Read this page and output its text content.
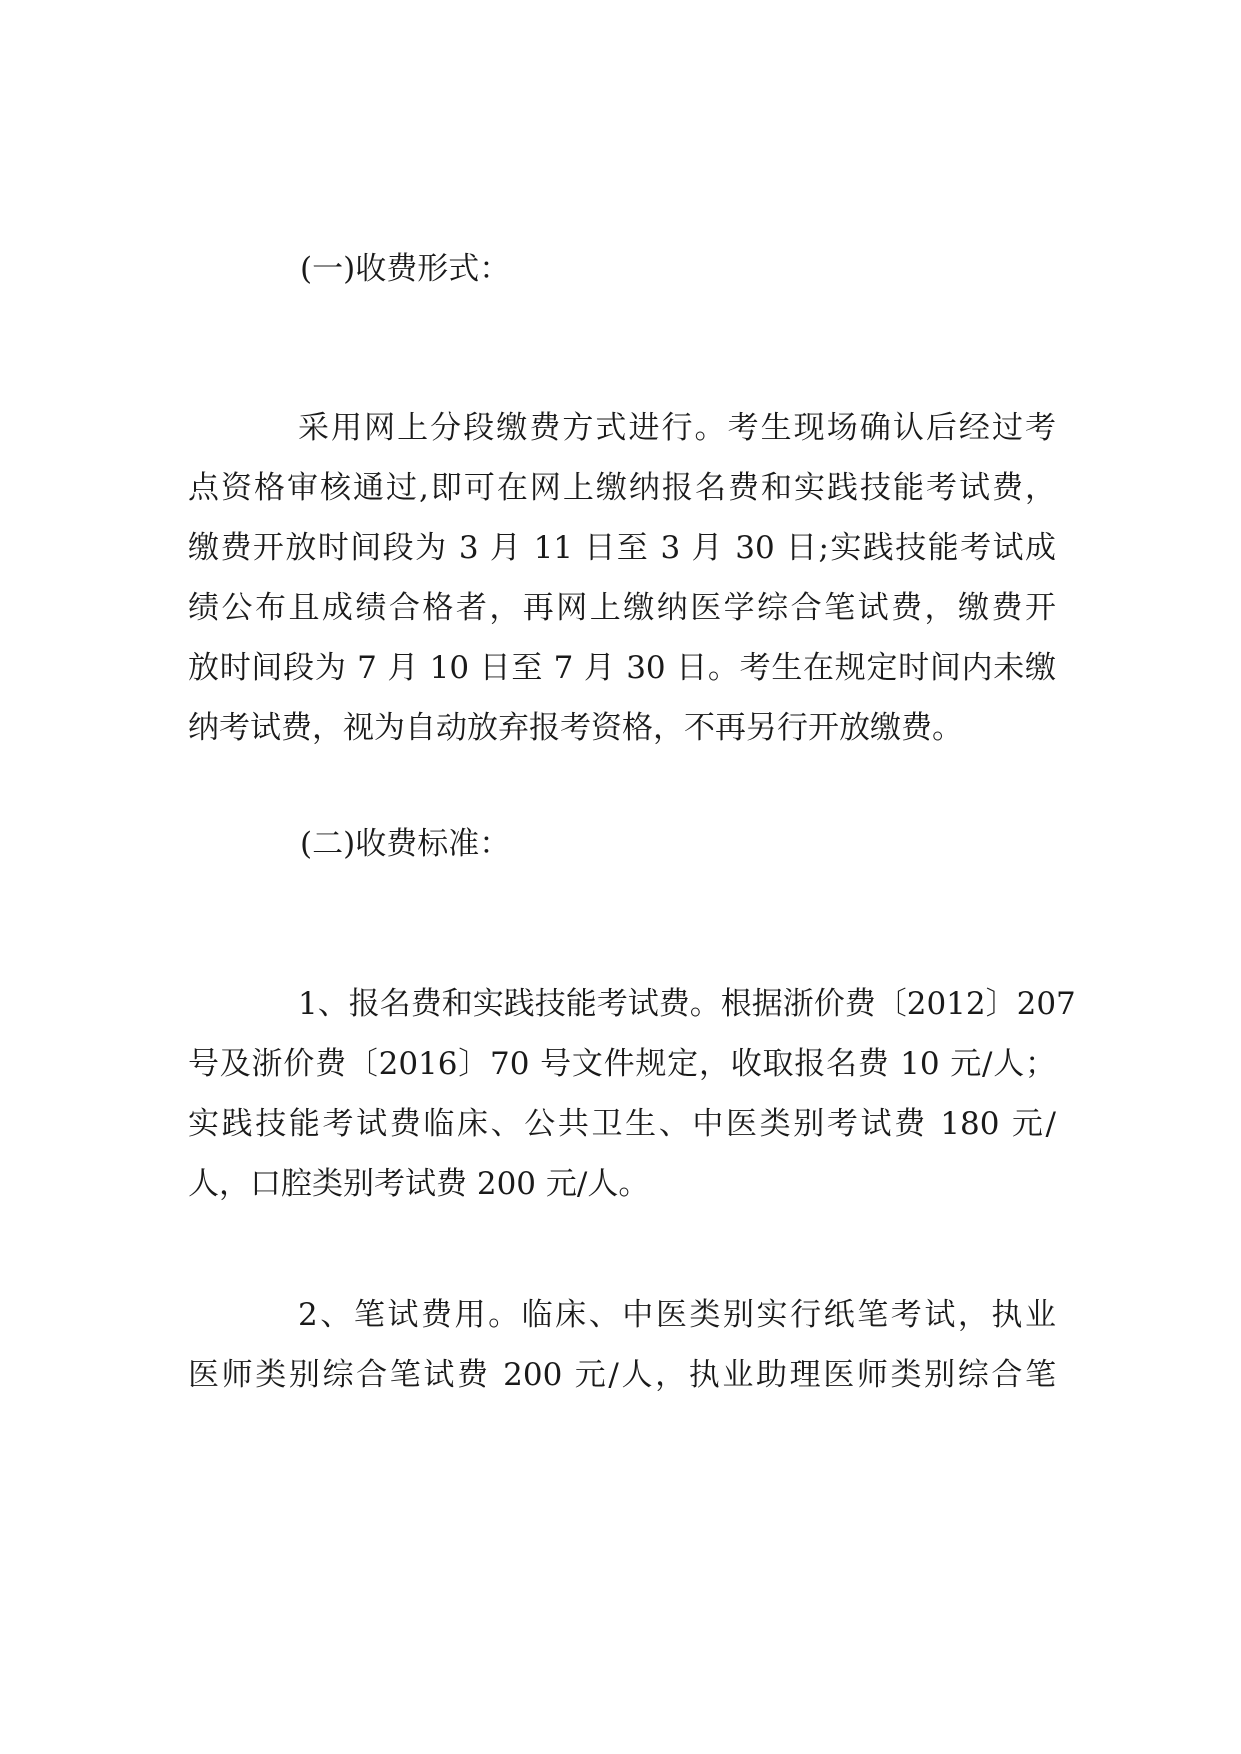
(一)收费形式：
采用网上分段缴费方式进行。考生现场确认后经过考
点资格审核通过,即可在网上缴纳报名费和实践技能考试费，
缴费开放时间段为 3 月 11 日至 3 月 30 日;实践技能考试成
绩公布且成绩合格者，再网上缴纳医学综合笔试费，缴费开
放时间段为 7 月 10 日至 7 月 30 日。考生在规定时间内未缴
纳考试费，视为自动放弃报考资格，不再另行开放缴费。
(二)收费标准：
1、报名费和实践技能考试费。根据浙价费〔2012〕207
号及浙价费〔2016〕70 号文件规定，收取报名费 10 元/人；
实践技能考试费临床、公共卫生、中医类别考试费 180 元/
人，口腔类别考试费 200 元/人。
2、笔试费用。临床、中医类别实行纸笔考试，执业
医师类别综合笔试费 200 元/人，执业助理医师类别综合笔
